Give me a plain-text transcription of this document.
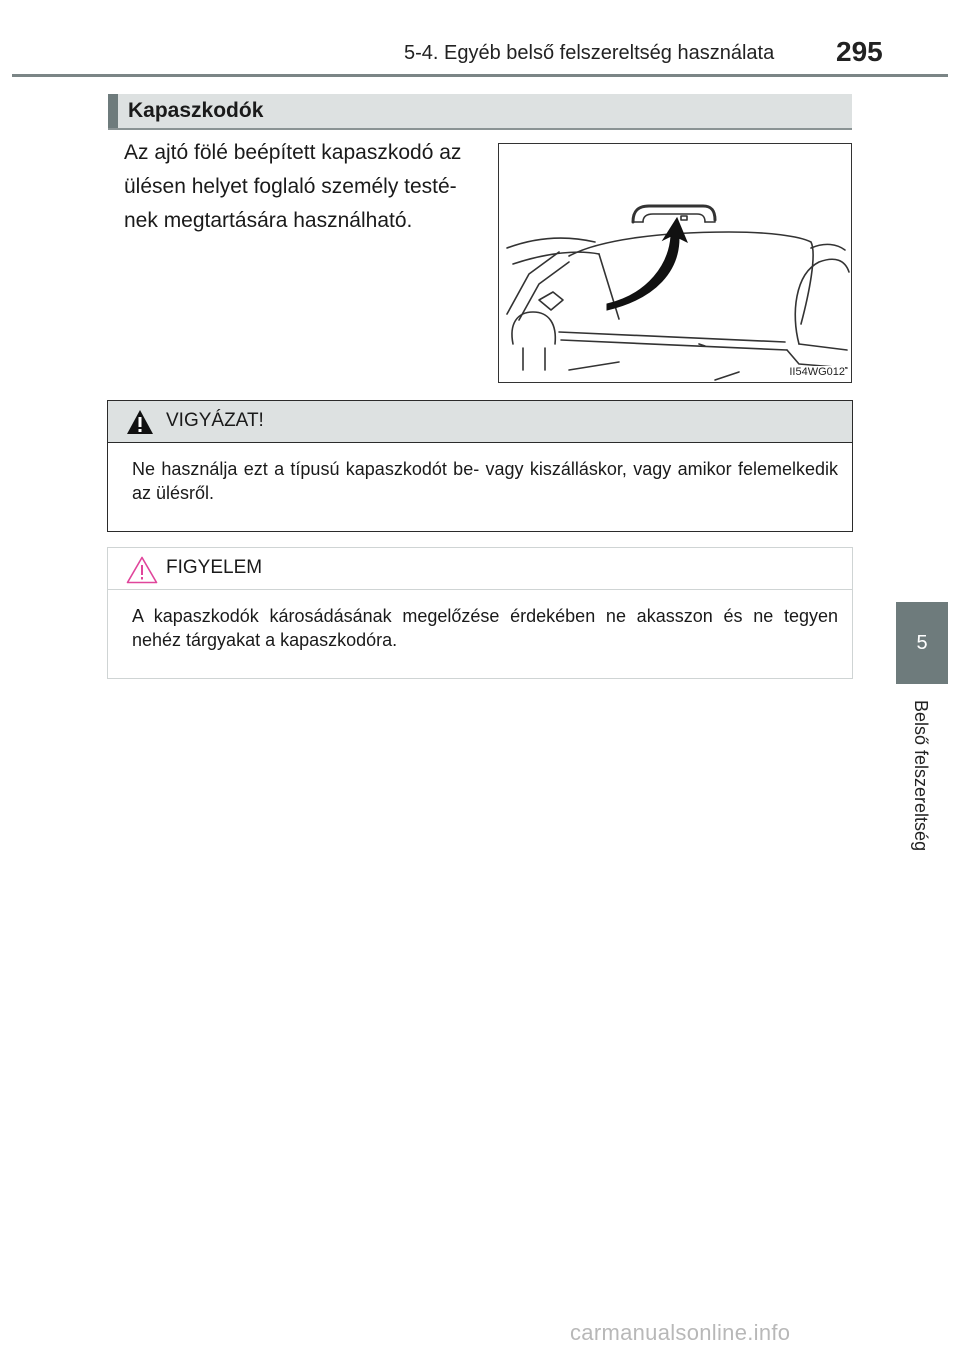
5-4. Egyéb belső felszereltség használata 295
5
Belső felszereltség
Kapaszkodók
Az ajtó fölé beépített kapaszkodó az ülésen helyet foglaló személy testé-nek megtartására használható.
II54WG012
VIGYÁZAT!
Ne használja ezt a típusú kapaszkodót be- vagy kiszálláskor, vagy amikor felemelkedik az ülésről.
FIGYELEM
A kapaszkodók károsádásának megelőzése érdekében ne akasszon és ne tegyen nehéz tárgyakat a kapaszkodóra.
carmanualsonline.info
